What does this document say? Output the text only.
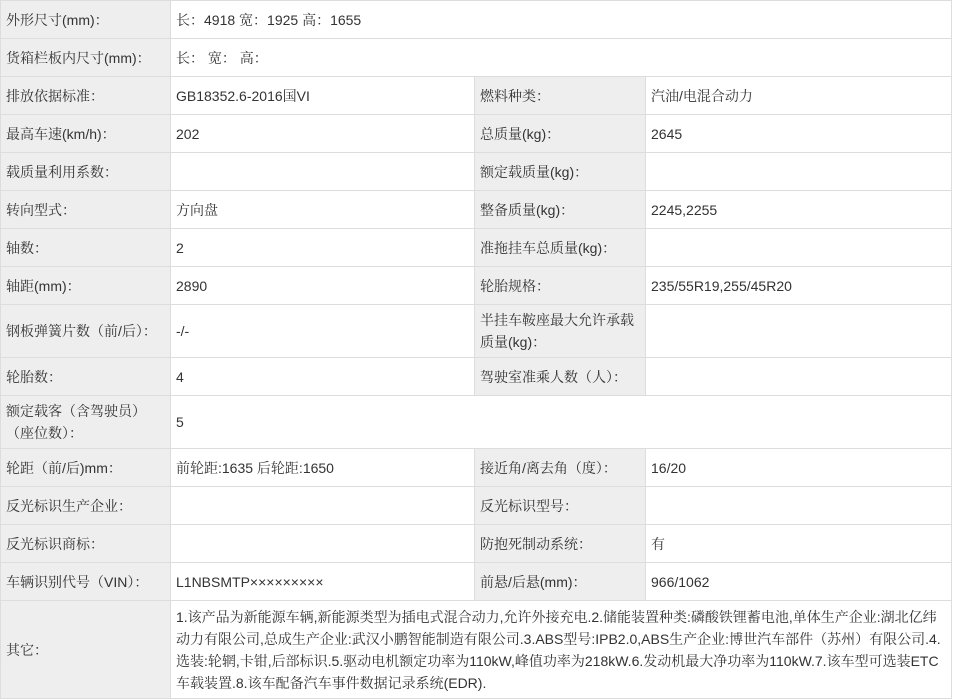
外形尺寸(mm)：	长：4918 宽：1925 高：1655		
货箱栏板内尺寸(mm)：	长： 宽： 高：		
排放依据标准：	GB18352.6-2016国VI	燃料种类：	汽油/电混合动力
最高车速(km/h)：	202	总质量(kg)：	2645
载质量利用系数：		额定载质量(kg)：	
转向型式：	方向盘	整备质量(kg)：	2245,2255
轴数：	2	准拖挂车总质量(kg)：	
轴距(mm)：	2890	轮胎规格：	235/55R19,255/45R20
钢板弹簧片数（前/后）：	-/-	半挂车鞍座最大允许承载质量(kg)：	
轮胎数：	4	驾驶室准乘人数（人）：	
额定载客（含驾驶员）（座位数）：	5		
轮距（前/后)mm：	前轮距:1635 后轮距:1650	接近角/离去角（度）：	16/20
反光标识生产企业：		反光标识型号：	
反光标识商标：		防抱死制动系统：	有
车辆识别代号（VIN）：	L1NBSMTP×××××××××	前悬/后悬(mm)：	966/1062
其它：	1.该产品为新能源车辆,新能源类型为插电式混合动力,允许外接充电.2.储能装置种类:磷酸铁锂蓄电池,单体生产企业:湖北亿纬动力有限公司,总成生产企业:武汉小鹏智能制造有限公司.3.ABS型号:IPB2.0,ABS生产企业:博世汽车部件（苏州）有限公司.4.选装:轮辋,卡钳,后部标识.5.驱动电机额定功率为110kW,峰值功率为218kW.6.发动机最大净功率为110kW.7.该车型可选装ETC车载装置.8.该车配备汽车事件数据记录系统(EDR).		
